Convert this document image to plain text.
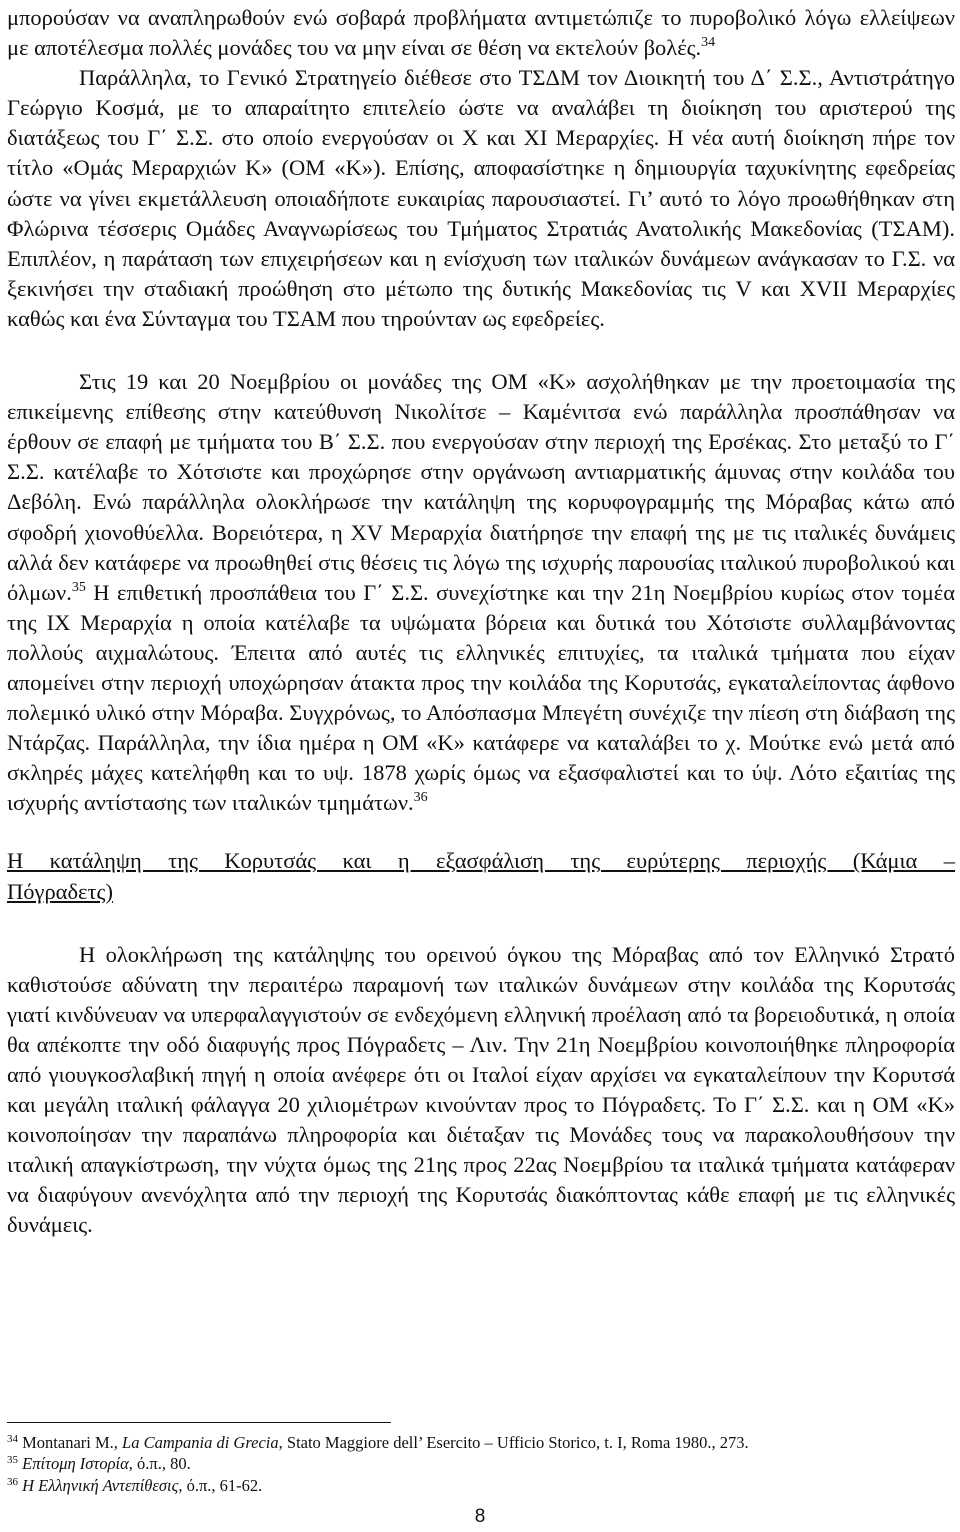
μπορούσαν να αναπληρωθούν ενώ σοβαρά προβλήματα αντιμετώπιζε το πυροβολικό λόγω ελλείψεων με αποτέλεσμα πολλές μονάδες του να μην είναι σε θέση να εκτελούν βολές.$^{34}$

Παράλληλα, το Γενικό Στρατηγείο διέθεσε στο ΤΣΔΜ τον Διοικητή του Δ΄ Σ.Σ., Αντιστράτηγο Γεώργιο Κοσμά, με το απαραίτητο επιτελείο ώστε να αναλάβει τη διοίκηση του αριστερού της διατάξεως του Γ΄ Σ.Σ. στο οποίο ενεργούσαν οι Χ και ΧΙ Μεραρχίες. Η νέα αυτή διοίκηση πήρε τον τίτλο «Ομάς Μεραρχιών Κ» (ΟΜ «Κ»). Επίσης, αποφασίστηκε η δημιουργία ταχυκίνητης εφεδρείας ώστε να γίνει εκμετάλλευση οποιαδήποτε ευκαιρίας παρουσιαστεί. Γι’ αυτό το λόγο προωθήθηκαν στη Φλώρινα τέσσερις Ομάδες Αναγνωρίσεως του Τμήματος Στρατιάς Ανατολικής Μακεδονίας (ΤΣΑΜ). Επιπλέον, η παράταση των επιχειρήσεων και η ενίσχυση των ιταλικών δυνάμεων ανάγκασαν το Γ.Σ. να ξεκινήσει την σταδιακή προώθηση στο μέτωπο της δυτικής Μακεδονίας τις V και XVII Μεραρχίες καθώς και ένα Σύνταγμα του ΤΣΑΜ που τηρούνταν ως εφεδρείες.

Στις 19 και 20 Νοεμβρίου οι μονάδες της ΟΜ «Κ» ασχολήθηκαν με την προετοιμασία της επικείμενης επίθεσης στην κατεύθυνση Νικολίτσε – Καμένιτσα ενώ παράλληλα προσπάθησαν να έρθουν σε επαφή με τμήματα του Β΄ Σ.Σ. που ενεργούσαν στην περιοχή της Ερσέκας. Στο μεταξύ το Γ΄ Σ.Σ. κατέλαβε το Χότσιστε και προχώρησε στην οργάνωση αντιαρματικής άμυνας στην κοιλάδα του Δεβόλη. Ενώ παράλληλα ολοκλήρωσε την κατάληψη της κορυφογραμμής της Μόραβας κάτω από σφοδρή χιονοθύελλα. Βορειότερα, η XV Μεραρχία διατήρησε την επαφή της με τις ιταλικές δυνάμεις αλλά δεν κατάφερε να προωθηθεί στις θέσεις τις λόγω της ισχυρής παρουσίας ιταλικού πυροβολικού και όλμων.$^{35}$ Η επιθετική προσπάθεια του Γ΄ Σ.Σ. συνεχίστηκε και την 21η Νοεμβρίου κυρίως στον τομέα της ΙΧ Μεραρχία η οποία κατέλαβε τα υψώματα βόρεια και δυτικά του Χότσιστε συλλαμβάνοντας πολλούς αιχμαλώτους. Έπειτα από αυτές τις ελληνικές επιτυχίες, τα ιταλικά τμήματα που είχαν απομείνει στην περιοχή υποχώρησαν άτακτα προς την κοιλάδα της Κορυτσάς, εγκαταλείποντας άφθονο πολεμικό υλικό στην Μόραβα. Συγχρόνως, το Απόσπασμα Μπεγέτη συνέχιζε την πίεση στη διάβαση της Ντάρζας. Παράλληλα, την ίδια ημέρα η ΟΜ «Κ» κατάφερε να καταλάβει το χ. Μούτκε ενώ μετά από σκληρές μάχες κατελήφθη και το υψ. 1878 χωρίς όμως να εξασφαλιστεί και το ύψ. Λότο εξαιτίας της ισχυρής αντίστασης των ιταλικών τμημάτων.$^{36}$

Η κατάληψη της Κορυτσάς και η εξασφάλιση της ευρύτερης περιοχής (Κάμια –
Πόγραδετς)

Η ολοκλήρωση της κατάληψης του ορεινού όγκου της Μόραβας από τον Ελληνικό Στρατό καθιστούσε αδύνατη την περαιτέρω παραμονή των ιταλικών δυνάμεων στην κοιλάδα της Κορυτσάς γιατί κινδύνευαν να υπερφαλαγγιστούν σε ενδεχόμενη ελληνική προέλαση από τα βορειοδυτικά, η οποία θα απέκοπτε την οδό διαφυγής προς Πόγραδετς – Λιν. Την 21η Νοεμβρίου κοινοποιήθηκε πληροφορία από γιουγκοσλαβική πηγή η οποία ανέφερε ότι οι Ιταλοί είχαν αρχίσει να εγκαταλείπουν την Κορυτσά και μεγάλη ιταλική φάλαγγα 20 χιλιομέτρων κινούνταν προς το Πόγραδετς. Το Γ΄ Σ.Σ. και η ΟΜ «Κ» κοινοποίησαν την παραπάνω πληροφορία και διέταξαν τις Μονάδες τους να παρακολουθήσουν την ιταλική απαγκίστρωση, την νύχτα όμως της 21ης προς 22ας Νοεμβρίου τα ιταλικά τμήματα κατάφεραν να διαφύγουν ανενόχλητα από την περιοχή της Κορυτσάς διακόπτοντας κάθε επαφή με τις ελληνικές δυνάμεις.

$^{34}$ Montanari M., La Campania di Grecia, Stato Maggiore dell’ Esercito – Ufficio Storico, t. I, Roma 1980., 273.
$^{35}$ Επίτομη Ιστορία, ό.π., 80.
$^{36}$ Η Ελληνική Αντεπίθεσις, ό.π., 61-62.
8
